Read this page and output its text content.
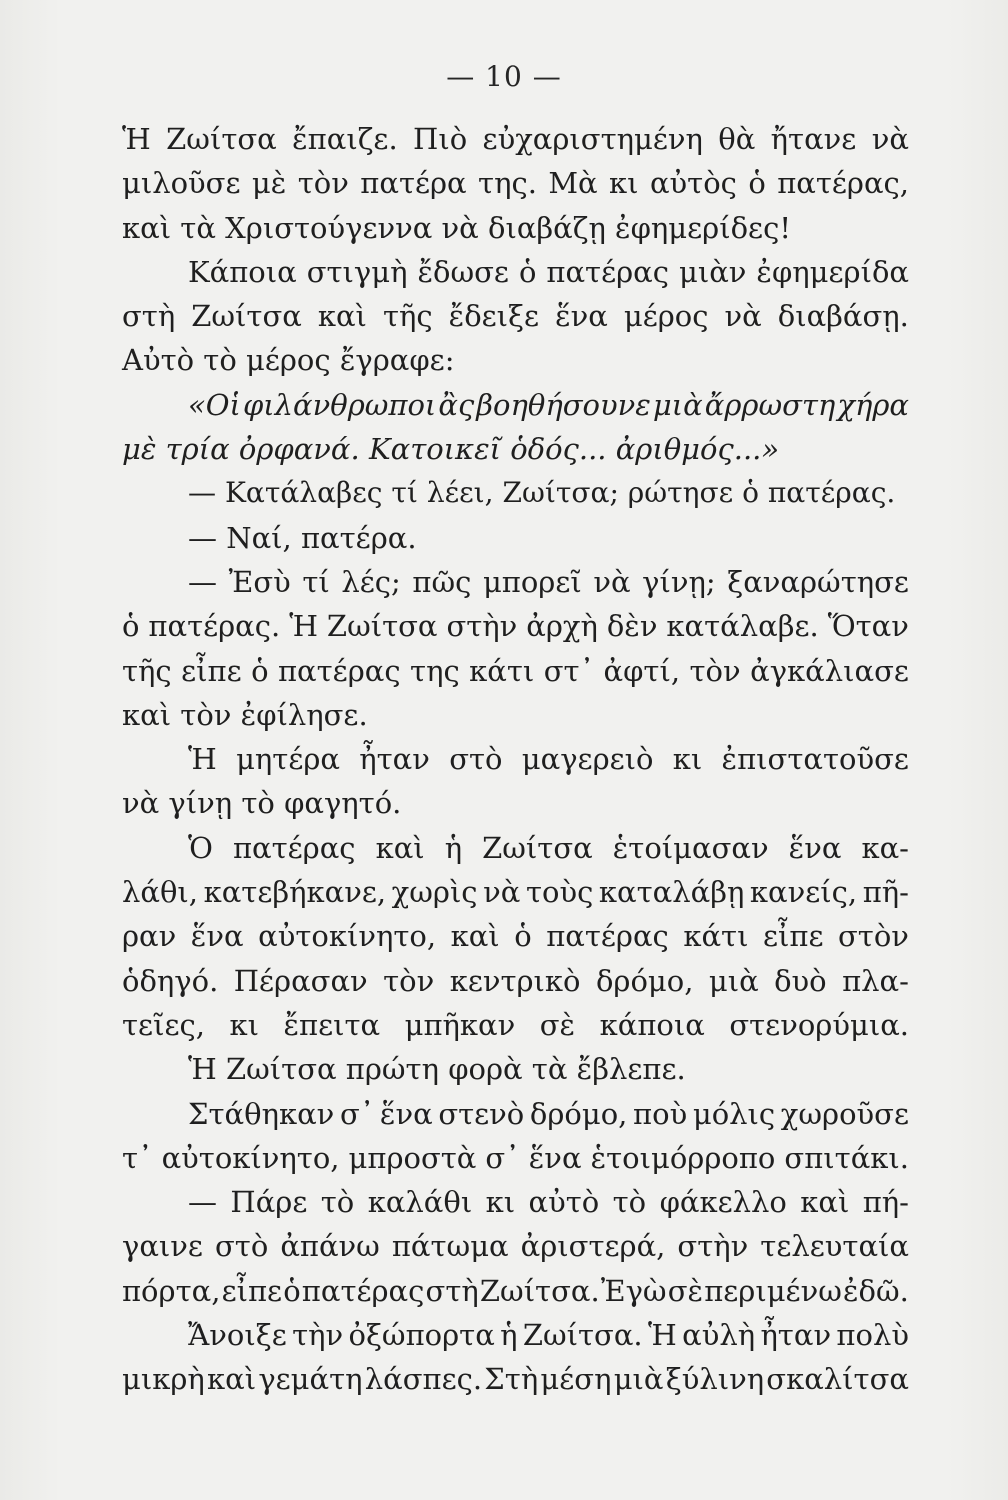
— 10 —
Ἡ Ζωίτσα ἔπαιζε. Πιὸ εὐχαριστημένη θὰ ἤτανε νὰ
μιλοῦσε μὲ τὸν πατέρα της. Μὰ κι αὐτὸς ὁ πατέρας,
καὶ τὰ Χριστούγεννα νὰ διαβάζῃ ἐφημερίδες!
Κάποια στιγμὴ ἔδωσε ὁ πατέρας μιὰν ἐφημερίδα
στὴ Ζωίτσα καὶ τῆς ἔδειξε ἕνα μέρος νὰ διαβάσῃ.
Αὐτὸ τὸ μέρος ἔγραφε:
«Οἱ φιλάνθρωποι ἂς βοηθήσουνε μιὰ ἄρρωστη χήρα
μὲ τρία ὀρφανά. Κατοικεῖ ὁδός... ἀριθμός...»
— Κατάλαβες τί λέει, Ζωίτσα; ρώτησε ὁ πατέρας.
— Ναί, πατέρα.
— Ἐσὺ τί λές; πῶς μπορεῖ νὰ γίνῃ; ξαναρώτησε
ὁ πατέρας. Ἡ Ζωίτσα στὴν ἀρχὴ δὲν κατάλαβε. Ὅταν
τῆς εἶπε ὁ πατέρας της κάτι στ᾿ ἀφτί, τὸν ἀγκάλιασε
καὶ τὸν ἐφίλησε.
Ἡ μητέρα ἦταν στὸ μαγερειὸ κι ἐπιστατοῦσε
νὰ γίνῃ τὸ φαγητό.
Ὁ πατέρας καὶ ἡ Ζωίτσα ἑτοίμασαν ἕνα κα-
λάθι, κατεβήκανε, χωρὶς νὰ τοὺς καταλάβῃ κανείς, πῆ-
ραν ἕνα αὐτοκίνητο, καὶ ὁ πατέρας κάτι εἶπε στὸν
ὁδηγό. Πέρασαν τὸν κεντρικὸ δρόμο, μιὰ δυὸ πλα-
τεῖες, κι ἔπειτα μπῆκαν σὲ κάποια στενορύμια.
Ἡ Ζωίτσα πρώτη φορὰ τὰ ἔβλεπε.
Στάθηκαν σ᾿ ἕνα στενὸ δρόμο, ποὺ μόλις χωροῦσε
τ᾿ αὐτοκίνητο, μπροστὰ σ᾿ ἕνα ἑτοιμόρροπο σπιτάκι.
— Πάρε τὸ καλάθι κι αὐτὸ τὸ φάκελλο καὶ πή-
γαινε στὸ ἀπάνω πάτωμα ἀριστερά, στὴν τελευταία
πόρτα, εἶπε ὁ πατέρας στὴ Ζωίτσα. Ἐγὼ σὲ περιμένω ἐδῶ.
Ἄνοιξε τὴν ὀξώπορτα ἡ Ζωίτσα. Ἡ αὐλὴ ἦταν πολὺ
μικρὴ καὶ γεμάτη λάσπες. Στὴ μέση μιὰ ξύλινη σκαλίτσα
